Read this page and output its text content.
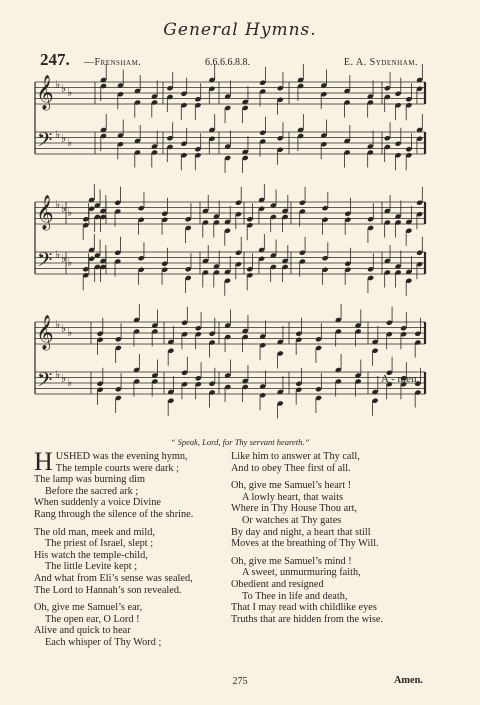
General Hymns.
247. —Frensham.	6.6.6.6.8.8.	E. A. Sydenham.
𝄞 ♭ ♭ ♭
𝄢 ♭ ♭ ♭
𝄞 ♭ ♭ ♭
𝄢 ♭ ♭ ♭
𝄞 ♭ ♭ ♭
𝄢 ♭ ♭ ♭	A - men.
“ Speak, Lord, for Thy servant heareth.”
H USHED was the evening hymn,
The temple courts were dark ;
The lamp was burning dim
Before the sacred ark ;
When suddenly a voice Divine
Rang through the silence of the shrine.
The old man, meek and mild,
The priest of Israel, slept ;
His watch the temple-child,
The little Levite kept ;
And what from Eli’s sense was sealed,
The Lord to Hannah’s son revealed.
Oh, give me Samuel’s ear,
The open ear, O Lord !
Alive and quick to hear
Each whisper of Thy Word ;
Like him to answer at Thy call,
And to obey Thee first of all.
Oh, give me Samuel’s heart !
A lowly heart, that waits
Where in Thy House Thou art,
Or watches at Thy gates
By day and night, a heart that still
Moves at the breathing of Thy Will.
Oh, give me Samuel’s mind !
A sweet, unmurmuring faith,
Obedient and resigned
To Thee in life and death,
That I may read with childlike eyes
Truths that are hidden from the wise.
275	Amen.
